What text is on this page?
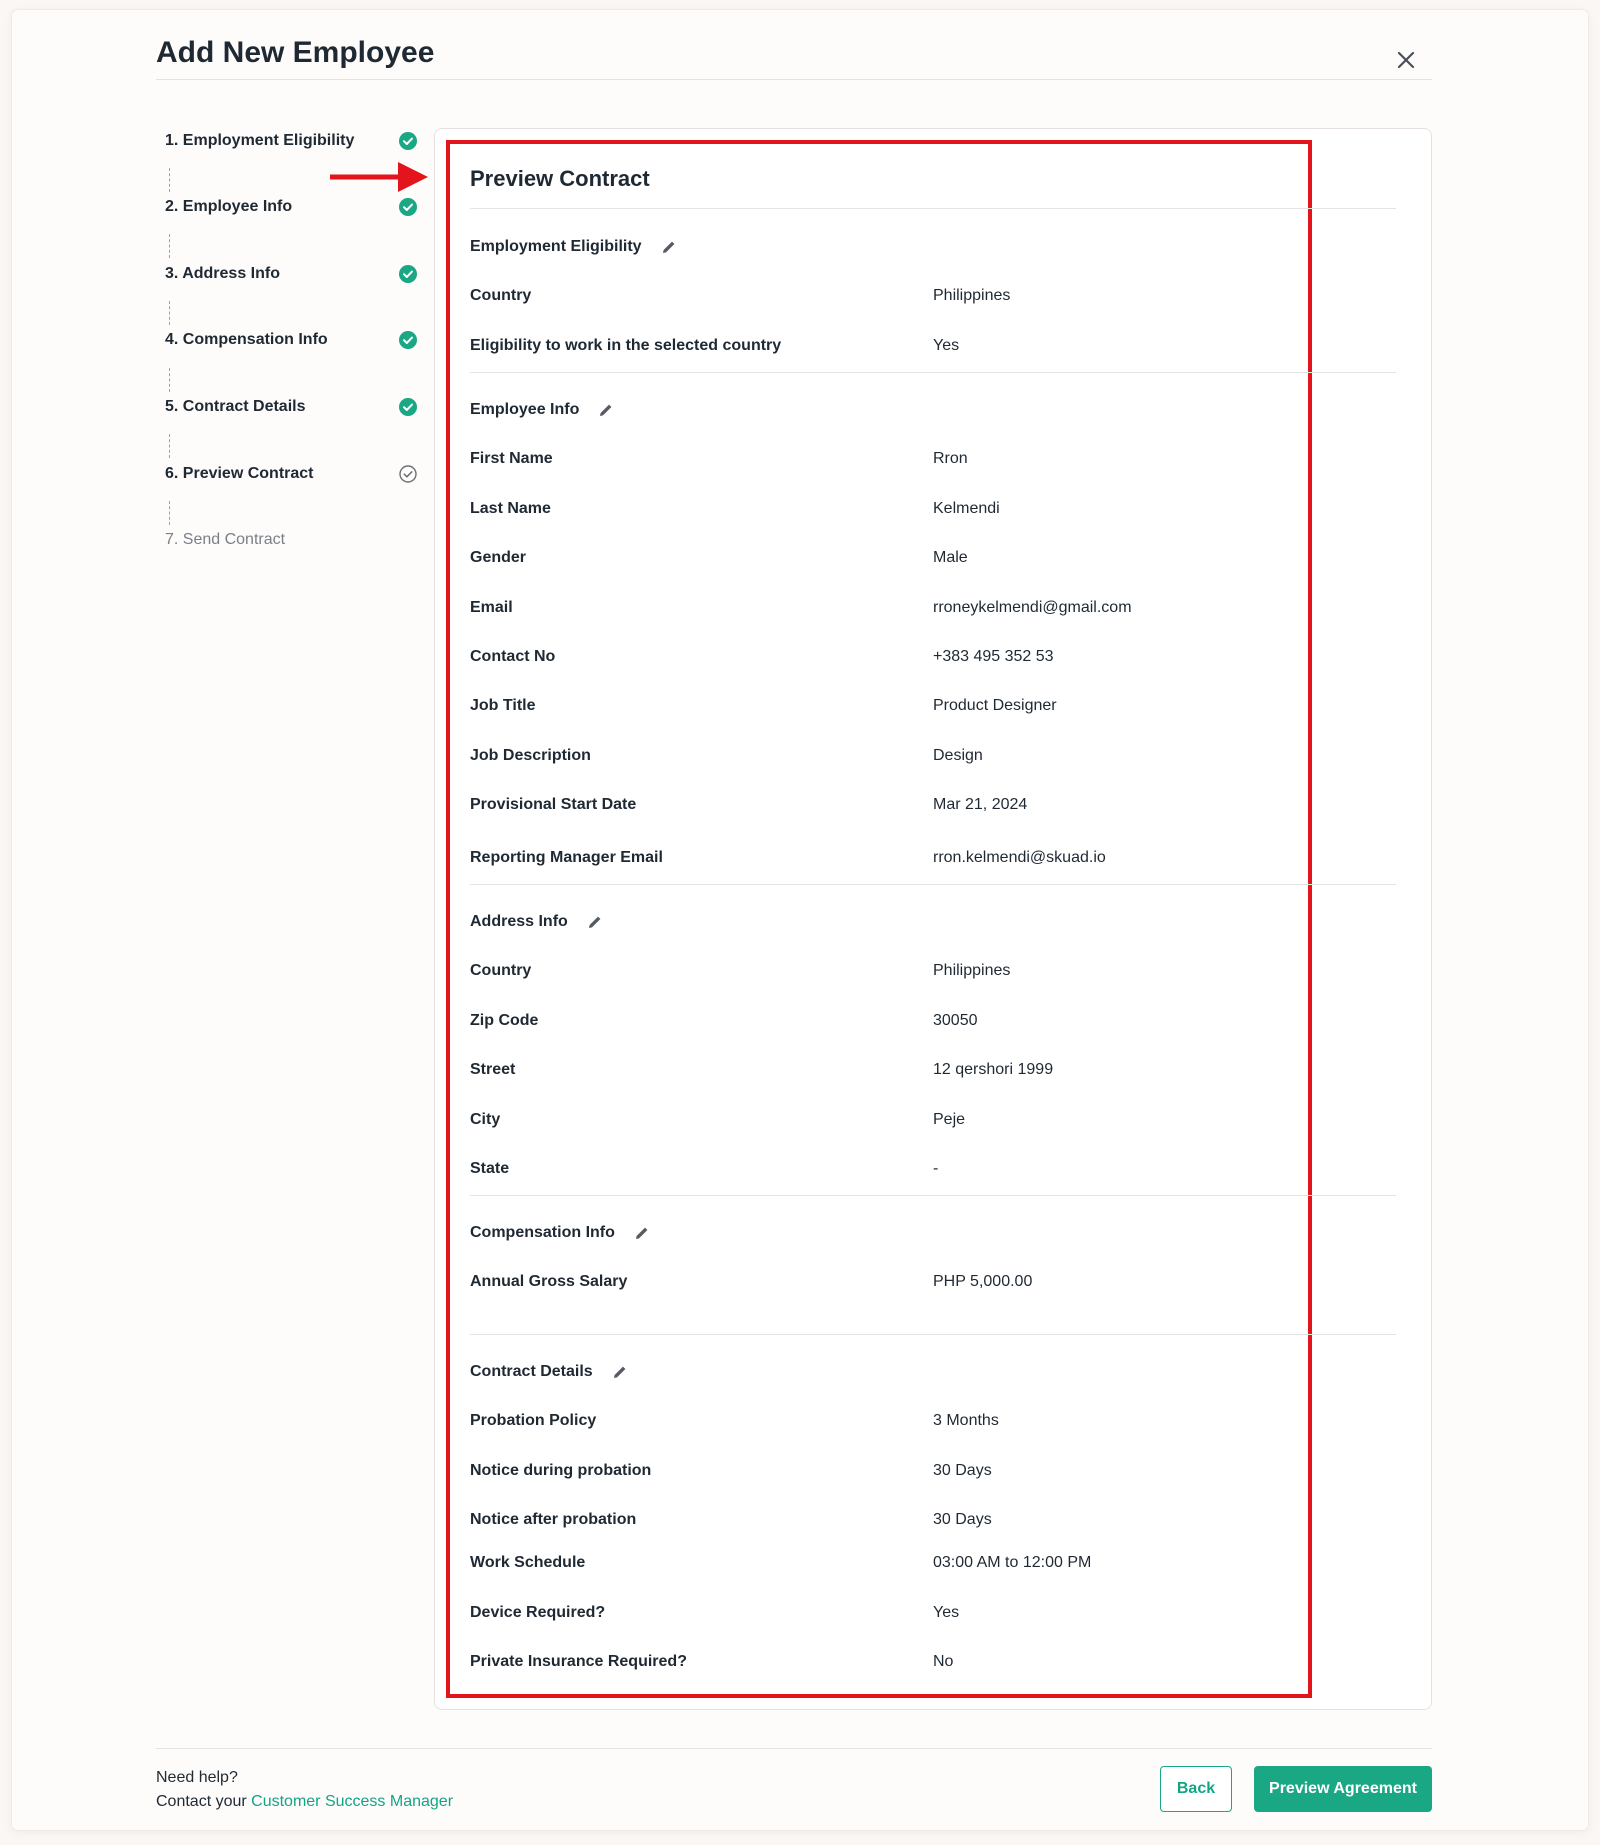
Add New Employee
1. Employment Eligibility
2. Employee Info
3. Address Info
4. Compensation Info
5. Contract Details
6. Preview Contract
7. Send Contract
Preview Contract
Employment Eligibility
Country	Philippines
Eligibility to work in the selected country	Yes
Employee Info
First Name	Rron
Last Name	Kelmendi
Gender	Male
Email	rroneykelmendi@gmail.com
Contact No	+383 495 352 53
Job Title	Product Designer
Job Description	Design
Provisional Start Date	Mar 21, 2024
Reporting Manager Email	rron.kelmendi@skuad.io
Address Info
Country	Philippines
Zip Code	30050
Street	12 qershori 1999
City	Peje
State	-
Compensation Info
Annual Gross Salary	PHP 5,000.00
Contract Details
Probation Policy	3 Months
Notice during probation	30 Days
Notice after probation	30 Days
Work Schedule	03:00 AM to 12:00 PM
Device Required?	Yes
Private Insurance Required?	No
Need help?
Contact your Customer Success Manager
Back	Preview Agreement
